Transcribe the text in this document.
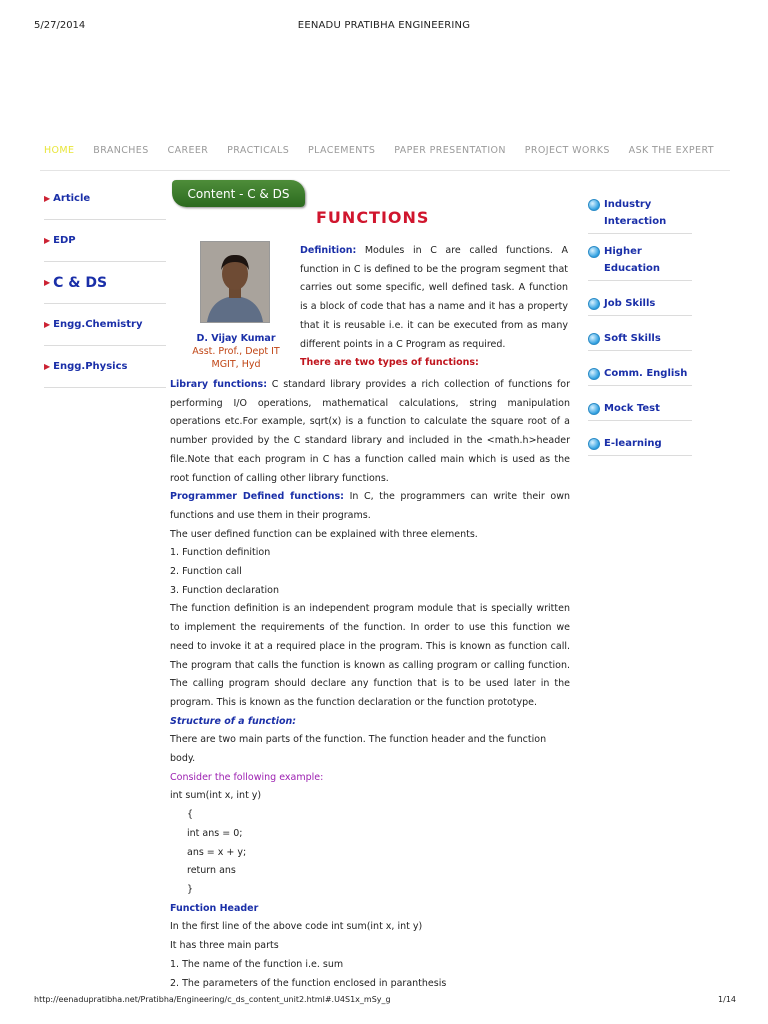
5/27/2014	EENADU PRATIBHA ENGINEERING
HOME BRANCHES CAREER PRACTICALS PLACEMENTS PAPER PRESENTATION PROJECT WORKS ASK THE EXPERT
▶ Article
▶ EDP
▶ C & DS
▶ Engg.Chemistry
▶ Engg.Physics
Content - C & DS
FUNCTIONS
D. Vijay Kumar
Asst. Prof., Dept IT
MGIT, Hyd
Definition: Modules in C are called functions. A function in C is defined to be the program segment that carries out some specific, well defined task. A function is a block of code that has a name and it has a property that it is reusable i.e. it can be executed from as many different points in a C Program as required.
There are two types of functions:

Library functions: C standard library provides a rich collection of functions for performing I/O operations, mathematical calculations, string manipulation operations etc.For example, sqrt(x) is a function to calculate the square root of a number provided by the C standard library and included in the <math.h>header file.Note that each program in C has a function called main which is used as the root function of calling other library functions.

Programmer Defined functions: In C, the programmers can write their own functions and use them in their programs.

The user defined function can be explained with three elements.

1. Function definition

2. Function call

3. Function declaration

The function definition is an independent program module that is specially written to implement the requirements of the function. In order to use this function we need to invoke it at a required place in the program. This is known as function call. The program that calls the function is known as calling program or calling function. The calling program should declare any function that is to be used later in the program. This is known as the function declaration or the function prototype.

Structure of a function:

There are two main parts of the function. The function header and the function body.

Consider the following example:

int sum(int x, int y)

{

int ans = 0;

ans = x + y;

return ans

}

Function Header

In the first line of the above code int sum(int x, int y)

It has three main parts

1. The name of the function i.e. sum

2. The parameters of the function enclosed in paranthesis

Industry Interaction
Higher Education
Job Skills
Soft Skills
Comm. English
Mock Test
E-learning
http://eenadupratibha.net/Pratibha/Engineering/c_ds_content_unit2.html#.U4S1x_mSy_g	1/14
